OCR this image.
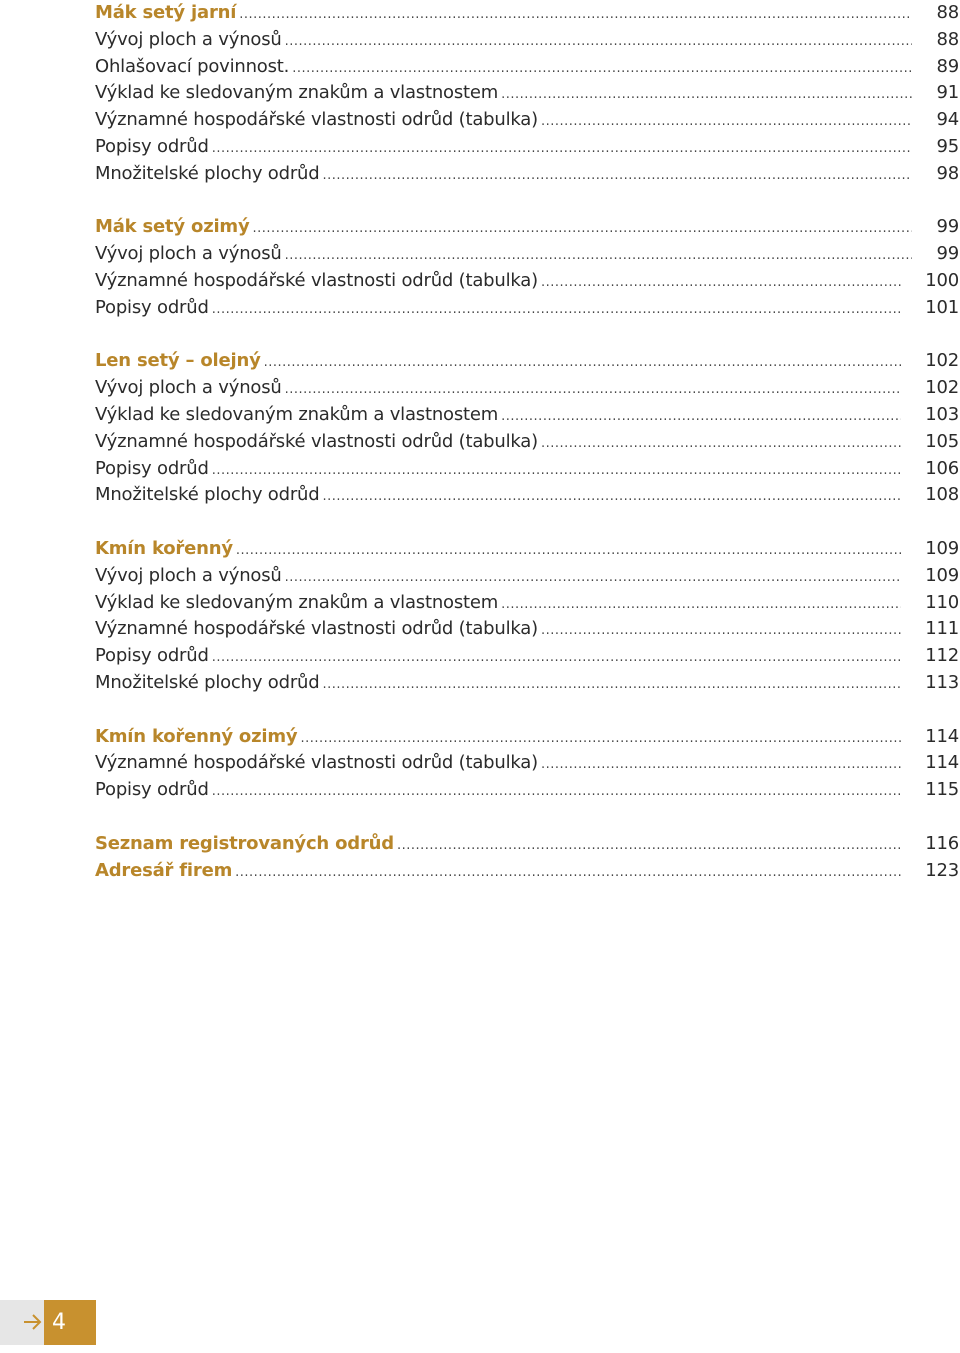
Mák setý jarní .....	88
Vývoj ploch a výnosů .....	88
Ohlašovací povinnost. .....	89
Výklad ke sledovaným znakům a vlastnostem .....	91
Významné hospodářské vlastnosti odrůd (tabulka) .....	94
Popisy odrůd .....	95
Množitelské plochy odrůd .....	98
Mák setý ozimý .....	99
Vývoj ploch a výnosů .....	99
Významné hospodářské vlastnosti odrůd (tabulka) .....	100
Popisy odrůd .....	101
Len setý – olejný .....	102
Vývoj ploch a výnosů .....	102
Výklad ke sledovaným znakům a vlastnostem .....	103
Významné hospodářské vlastnosti odrůd (tabulka) .....	105
Popisy odrůd .....	106
Množitelské plochy odrůd .....	108
Kmín kořenný .....	109
Vývoj ploch a výnosů .....	109
Výklad ke sledovaným znakům a vlastnostem .....	110
Významné hospodářské vlastnosti odrůd (tabulka) .....	111
Popisy odrůd .....	112
Množitelské plochy odrůd .....	113
Kmín kořenný ozimý .....	114
Významné hospodářské vlastnosti odrůd (tabulka) .....	114
Popisy odrůd .....	115
Seznam registrovaných odrůd .....	116
Adresář firem .....	123
4
